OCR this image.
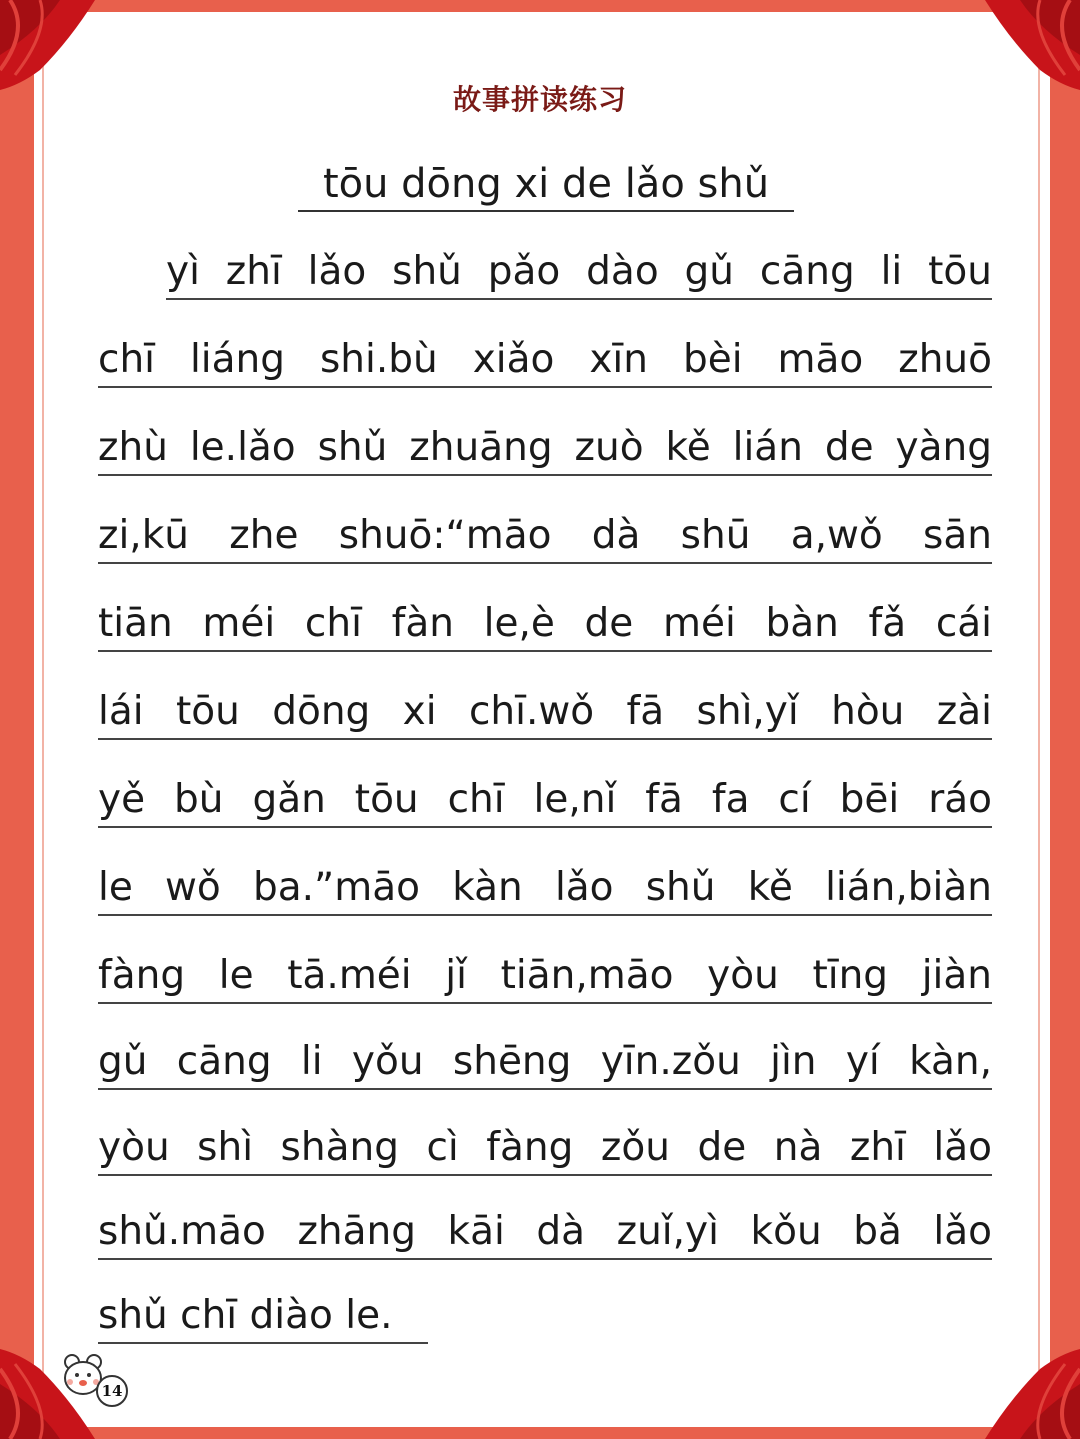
故事拼读练习
tōu dōng xi de lǎo shǔ
yì zhī lǎo shǔ pǎo dào gǔ cāng li tōu
chī liáng shi.bù xiǎo xīn bèi māo zhuō
zhù le.lǎo shǔ zhuāng zuò kě lián de yàng
zi,kū zhe shuō:“māo dà shū a,wǒ sān
tiān méi chī fàn le,è de méi bàn fǎ cái
lái tōu dōng xi chī.wǒ fā shì,yǐ hòu zài
yě bù gǎn tōu chī le,nǐ fā fa cí bēi ráo
le wǒ ba.”māo kàn lǎo shǔ kě lián,biàn
fàng le tā.méi jǐ tiān,māo yòu tīng jiàn
gǔ cāng li yǒu shēng yīn.zǒu jìn yí kàn,
yòu shì shàng cì fàng zǒu de nà zhī lǎo
shǔ.māo zhāng kāi dà zuǐ,yì kǒu bǎ lǎo
shǔ chī diào le.
14
